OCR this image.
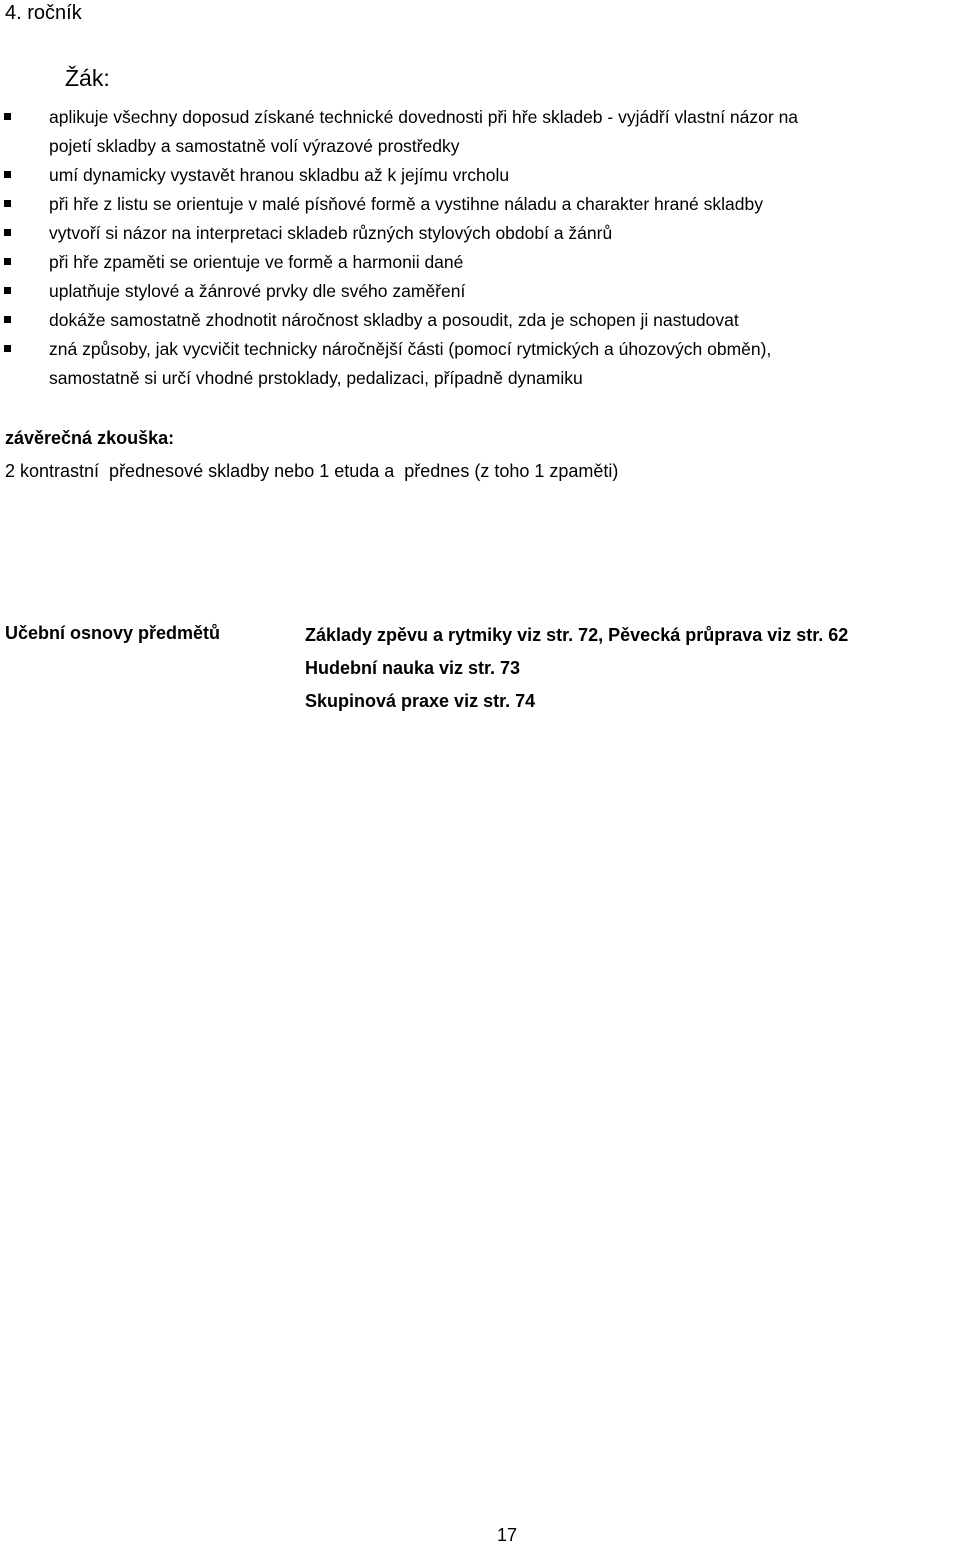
4. ročník
Žák:
aplikuje všechny doposud získané technické dovednosti při hře skladeb - vyjádří vlastní názor na
pojetí skladby a samostatně volí výrazové prostředky
umí dynamicky vystavět hranou skladbu až k jejímu vrcholu
při hře z listu se orientuje v malé písňové formě a vystihne náladu a charakter hrané skladby
vytvoří si názor na interpretaci skladeb různých stylových období a žánrů
při hře zpaměti se orientuje ve formě a harmonii dané
uplatňuje stylové a žánrové prvky dle svého zaměření
dokáže samostatně zhodnotit náročnost skladby a posoudit, zda je schopen ji nastudovat
zná způsoby, jak vycvičit technicky náročnější části (pomocí rytmických a úhozových obměn),
samostatně si určí vhodné prstoklady, pedalizaci, případně dynamiku

závěrečná zkouška:

2 kontrastní  přednesové skladby nebo 1 etuda a  přednes (z toho 1 zpaměti)

Učební osnovy předmětů	Základy zpěvu a rytmiky viz str. 72, Pěvecká průprava viz str. 62
Hudební nauka viz str. 73
Skupinová praxe viz str. 74
17
